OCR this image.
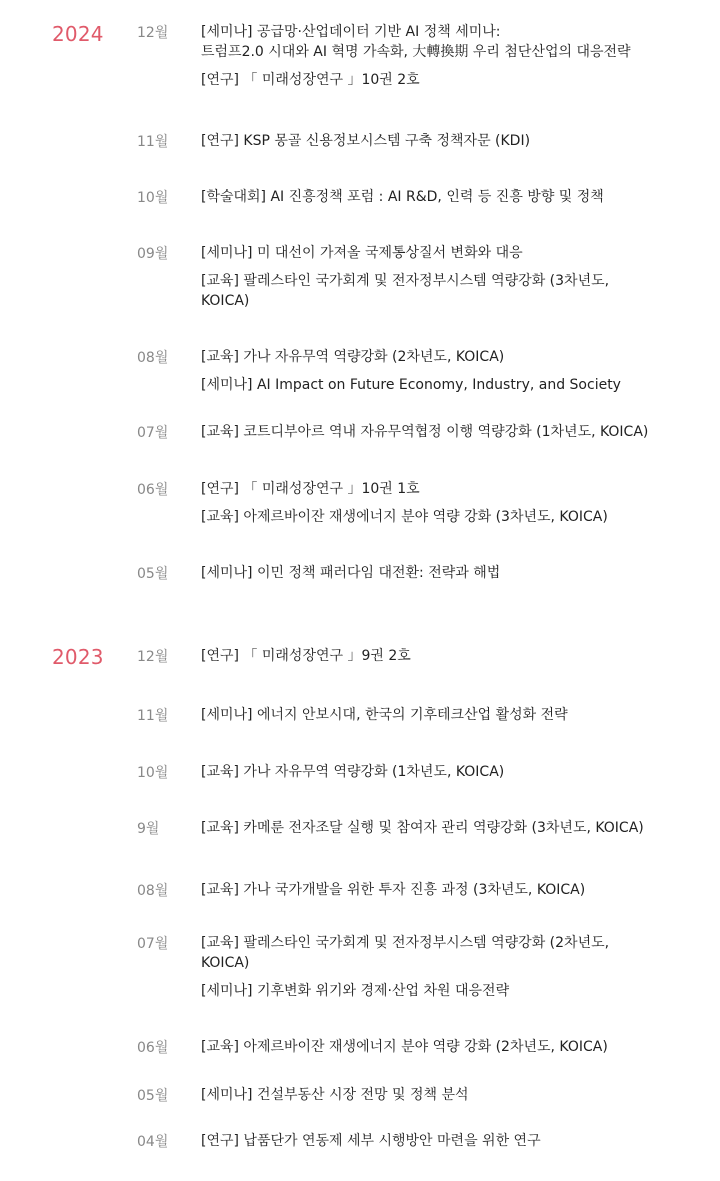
2024 12월 [세미나] 공급망·산업데이터 기반 AI 정책 세미나:
트럼프2.0 시대와 AI 혁명 가속화, 大轉換期 우리 첨단산업의 대응전략
[연구] 「 미래성장연구 」10권 2호
11월 [연구] KSP 몽골 신용정보시스템 구축 정책자문 (KDI)
10월 [학술대회] AI 진흥정책 포럼 : AI R&D, 인력 등 진흥 방향 및 정책
09월 [세미나] 미 대선이 가져올 국제통상질서 변화와 대응
[교육] 팔레스타인 국가회계 및 전자정부시스템 역량강화 (3차년도,
KOICA)
08월 [교육] 가나 자유무역 역량강화 (2차년도, KOICA)
[세미나] AI Impact on Future Economy, Industry, and Society
07월 [교육] 코트디부아르 역내 자유무역협정 이행 역량강화 (1차년도, KOICA)
06월 [연구] 「 미래성장연구 」10권 1호
[교육] 아제르바이잔 재생에너지 분야 역량 강화 (3차년도, KOICA)
05월 [세미나] 이민 정책 패러다임 대전환: 전략과 해법
2023 12월 [연구] 「 미래성장연구 」9권 2호
11월 [세미나] 에너지 안보시대, 한국의 기후테크산업 활성화 전략
10월 [교육] 가나 자유무역 역량강화 (1차년도, KOICA)
9월	[교육] 카메룬 전자조달 실행 및 참여자 관리 역량강화 (3차년도, KOICA)
08월 [교육] 가나 국가개발을 위한 투자 진흥 과정 (3차년도, KOICA)
07월 [교육] 팔레스타인 국가회계 및 전자정부시스템 역량강화 (2차년도,
KOICA)
[세미나] 기후변화 위기와 경제·산업 차원 대응전략
06월 [교육] 아제르바이잔 재생에너지 분야 역량 강화 (2차년도, KOICA)
05월 [세미나] 건설부동산 시장 전망 및 정책 분석
04월 [연구] 납품단가 연동제 세부 시행방안 마련을 위한 연구
